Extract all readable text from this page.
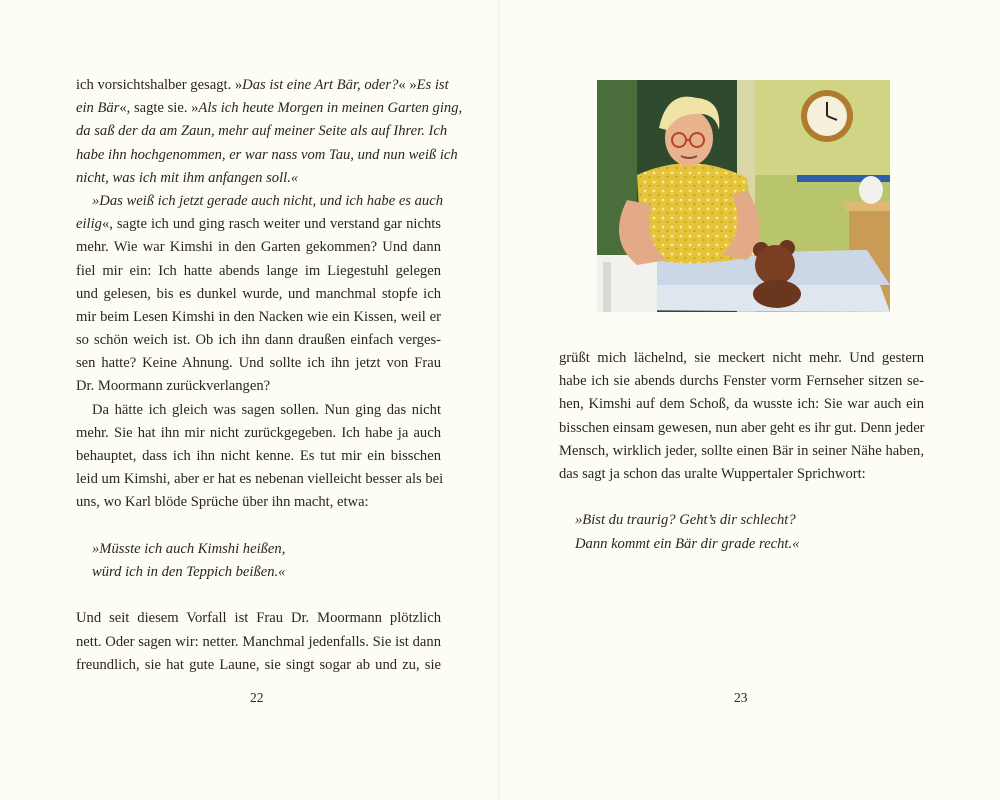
ich vorsichtshalber gesagt. »Das ist eine Art Bär, oder?« »Es ist
ein Bär«, sagte sie. »Als ich heute Morgen in meinen Garten ging,
da saß der da am Zaun, mehr auf meiner Seite als auf Ihrer. Ich
habe ihn hochgenommen, er war nass vom Tau, und nun weiß ich
nicht, was ich mit ihm anfangen soll.«
»Das weiß ich jetzt gerade auch nicht, und ich habe es auch
eilig«, sagte ich und ging rasch weiter und verstand gar nichts
mehr. Wie war Kimshi in den Garten gekommen? Und dann
fiel mir ein: Ich hatte abends lange im Liegestuhl gelegen
und gelesen, bis es dunkel wurde, und manchmal stopfe ich
mir beim Lesen Kimshi in den Nacken wie ein Kissen, weil er
so schön weich ist. Ob ich ihn dann draußen einfach verges-
sen hatte? Keine Ahnung. Und sollte ich ihn jetzt von Frau
Dr. Moormann zurückverlangen?
Da hätte ich gleich was sagen sollen. Nun ging das nicht
mehr. Sie hat ihn mir nicht zurückgegeben. Ich habe ja auch
behauptet, dass ich ihn nicht kenne. Es tut mir ein bisschen
leid um Kimshi, aber er hat es nebenan vielleicht besser als bei
uns, wo Karl blöde Sprüche über ihn macht, etwa:
»Müsste ich auch Kimshi heißen,
würd ich in den Teppich beißen.«
Und seit diesem Vorfall ist Frau Dr. Moormann plötzlich
nett. Oder sagen wir: netter. Manchmal jedenfalls. Sie ist dann
freundlich, sie hat gute Laune, sie singt sogar ab und zu, sie
grüßt mich lächelnd, sie meckert nicht mehr. Und gestern
habe ich sie abends durchs Fenster vorm Fernseher sitzen se-
hen, Kimshi auf dem Schoß, da wusste ich: Sie war auch ein
bisschen einsam gewesen, nun aber geht es ihr gut. Denn jeder
Mensch, wirklich jeder, sollte einen Bär in seiner Nähe haben,
das sagt ja schon das uralte Wuppertaler Sprichwort:
»Bist du traurig? Geht’s dir schlecht?
Dann kommt ein Bär dir grade recht.«
22	23
